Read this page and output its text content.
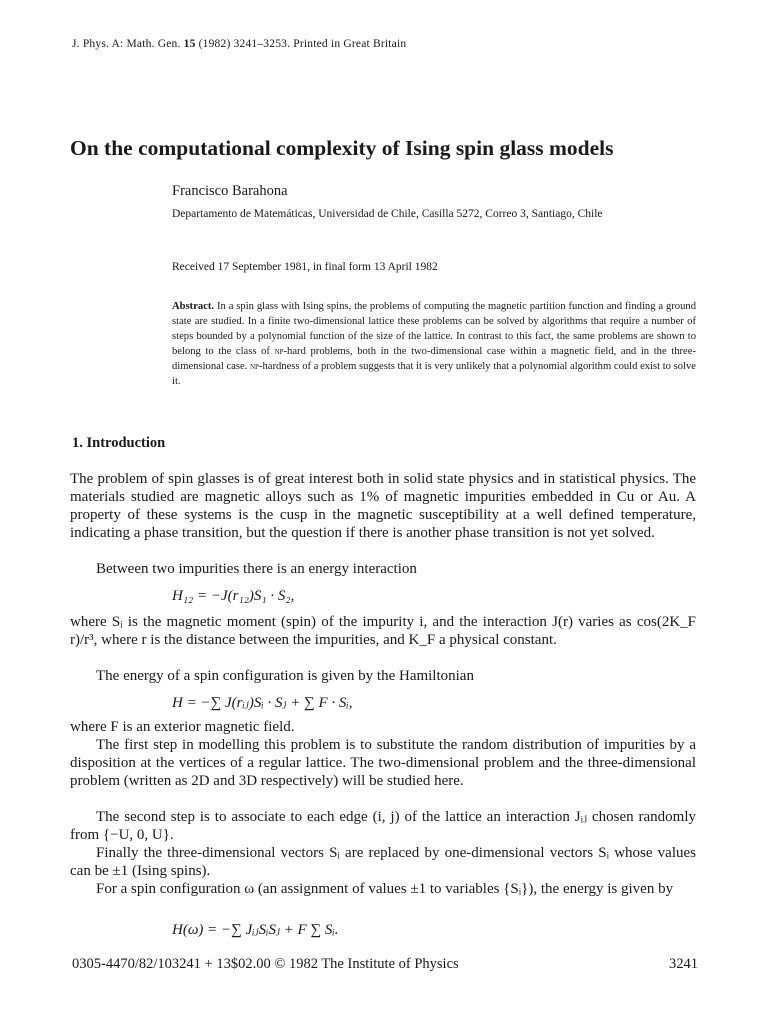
J. Phys. A: Math. Gen. 15 (1982) 3241–3253. Printed in Great Britain
On the computational complexity of Ising spin glass models
Francisco Barahona
Departamento de Matemáticas, Universidad de Chile, Casilla 5272, Correo 3, Santiago, Chile
Received 17 September 1981, in final form 13 April 1982
Abstract. In a spin glass with Ising spins, the problems of computing the magnetic partition function and finding a ground state are studied. In a finite two-dimensional lattice these problems can be solved by algorithms that require a number of steps bounded by a polynomial function of the size of the lattice. In contrast to this fact, the same problems are shown to belong to the class of np-hard problems, both in the two-dimensional case within a magnetic field, and in the three-dimensional case. np-hardness of a problem suggests that it is very unlikely that a polynomial algorithm could exist to solve it.
1. Introduction
The problem of spin glasses is of great interest both in solid state physics and in statistical physics. The materials studied are magnetic alloys such as 1% of magnetic impurities embedded in Cu or Au. A property of these systems is the cusp in the magnetic susceptibility at a well defined temperature, indicating a phase transition, but the question if there is another phase transition is not yet solved.
Between two impurities there is an energy interaction
H₁₂ = −J(r₁₂)S₁ · S₂,
where Sᵢ is the magnetic moment (spin) of the impurity i, and the interaction J(r) varies as cos(2K_F r)/r³, where r is the distance between the impurities, and K_F a physical constant.
The energy of a spin configuration is given by the Hamiltonian
H = −∑ J(rᵢⱼ)Sᵢ · Sⱼ + ∑ F · Sᵢ,
where F is an exterior magnetic field.
The first step in modelling this problem is to substitute the random distribution of impurities by a disposition at the vertices of a regular lattice. The two-dimensional problem and the three-dimensional problem (written as 2D and 3D respectively) will be studied here.
The second step is to associate to each edge (i, j) of the lattice an interaction Jᵢⱼ chosen randomly from {−U, 0, U}.
Finally the three-dimensional vectors Sᵢ are replaced by one-dimensional vectors Sᵢ whose values can be ±1 (Ising spins).
For a spin configuration ω (an assignment of values ±1 to variables {Sᵢ}), the energy is given by
H(ω) = −∑ JᵢⱼSᵢSⱼ + F ∑ Sᵢ.
0305-4470/82/103241 + 13$02.00 © 1982 The Institute of Physics	3241
